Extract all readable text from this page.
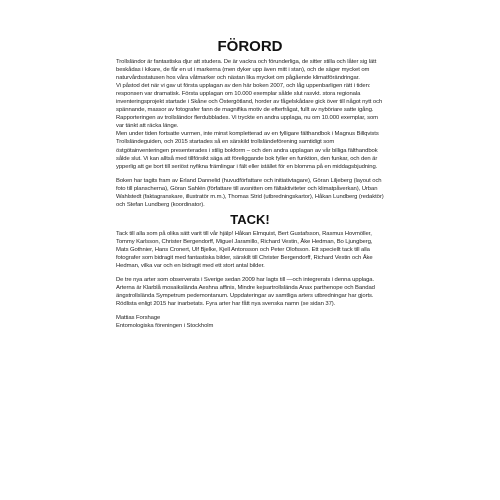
FÖRORD

Trollsländor är fantastiska djur att studera. De är vackra och förunderliga, de sitter stilla och låter sig lätt beskådas i kikare, de får en ut i markerna (men dyker upp även mitt i stan), och de säger mycket om naturvårdsstatusen hos våra våtmarker och nästan lika mycket om pågående klimatförändringar.

Vi påstod det när vi gav ut första upplagan av den här boken 2007, och låg uppenbarligen rätt i tiden: responsen var dramatisk. Första upplagan om 10.000 exemplar sålde slut rasvkt. stora regionala inventeringsprojekt startade i Skåne och Östergötland, horder av fågelskådare gick över till något nytt och spännande, massor av fotografer fann de magnifika motiv de efterfrågat, fullt av nyböriare satte igång. Rapporteringen av trollsländor flerdubblades. Vi tryckte en andra upplaga, nu om 10.000 exemplar, som var tänkt att räcka länge.

Men under tiden fortsatte vurmen, inte minst kompletterad av en fylligare fälthandbok i Magnus Billqvists Trollsländeguiden, och 2015 startades så en särskild trollsländeförening samtidigt som östgötainventeringen presenterades i stilig bokform – och den andra upplagan av vår billiga fälthandbok sålde slut. Vi kan alltså med tillförsikt säga att föreliggande bok fyller en funktion, den funkar, och den är ypperlig att ge bort till seriöst nyfikna främlingar i fält eller istället för en blomma på en middagsbjudning.

Boken har tagits fram av Erland Dannelid (huvudförfattare och initiativtagare), Göran Liljeberg (layout och foto till planscherna), Göran Sahlén (författare till avsnitten om fältaktiviteter och klimatpåverkan), Urban Wahlstedt (faktagranskare, illustratör m.m.), Thomas Strid (utbredningskartor), Håkan Lundberg (redaktör) och Stefan Lundberg (koordinator).

TACK!

Tack till alla som på olika sätt varit till vår hjälp! Håkan Elmquist, Bert Gustafsson, Rasmus Hovmöller, Tommy Karlsson, Christer Bergendorff, Miguel Jaramillo, Richard Vestin, Åke Hedman, Bo Ljungberg, Mats Gothnier, Hans Cronert, Ulf Bjelke, Kjell Antonsson och Peter Olofsson. Ett speciellt tack till alla fotografer som bidragit med fantastiska bilder, särskilt till Christer Bergendorff, Richard Vestin och Åke Hedman, vilka var och en bidragit med ett stort antal bilder.

De tre nya arter som observerats i Sverige sedan 2009 har lagts till —och integrerats i denna upplaga. Arterna är Klarblå mosaikslända Aeshna affinis, Mindre kejsartrollslända Anax parthenope och Bandad ängstrollslända Sympetrum pedemontanum. Uppdateringar av samtliga arters utbredningar har gjorts. Rödlista enligt 2015 har inarbetats. Fyra arter har fått nya svenska namn (se sidan 37).

Mattias Forshage
Entomologiska föreningen i Stockholm
